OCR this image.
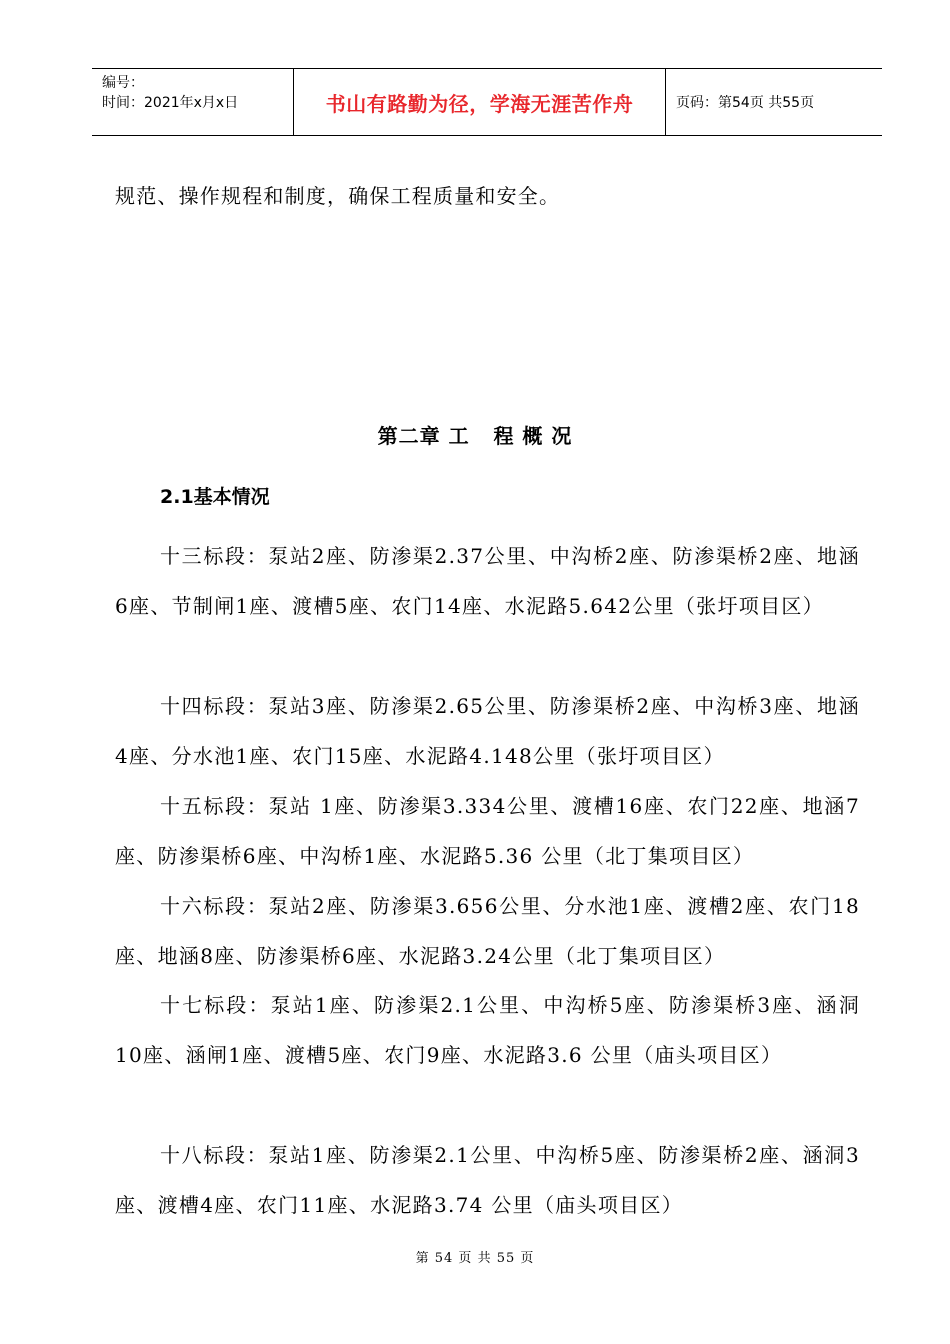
编号：
时间：2021年x月x日	书山有路勤为径，学海无涯苦作舟	页码：第54页 共55页
规范、操作规程和制度，确保工程质量和安全。
第二章 工   程 概 况
2.1基本情况
十三标段：泵站2座、防渗渠2.37公里、中沟桥2座、防渗渠桥2座、地涵6座、节制闸1座、渡槽5座、农门14座、水泥路5.642公里（张圩项目区）
十四标段：泵站3座、防渗渠2.65公里、防渗渠桥2座、中沟桥3座、地涵4座、分水池1座、农门15座、水泥路4.148公里（张圩项目区）
十五标段：泵站 1座、防渗渠3.334公里、渡槽16座、农门22座、地涵7座、防渗渠桥6座、中沟桥1座、水泥路5.36 公里（北丁集项目区）
十六标段：泵站2座、防渗渠3.656公里、分水池1座、渡槽2座、农门18座、地涵8座、防渗渠桥6座、水泥路3.24公里（北丁集项目区）
十七标段：泵站1座、防渗渠2.1公里、中沟桥5座、防渗渠桥3座、涵洞10座、涵闸1座、渡槽5座、农门9座、水泥路3.6 公里（庙头项目区）
十八标段：泵站1座、防渗渠2.1公里、中沟桥5座、防渗渠桥2座、涵洞3座、渡槽4座、农门11座、水泥路3.74 公里（庙头项目区）
第 54 页 共 55 页
